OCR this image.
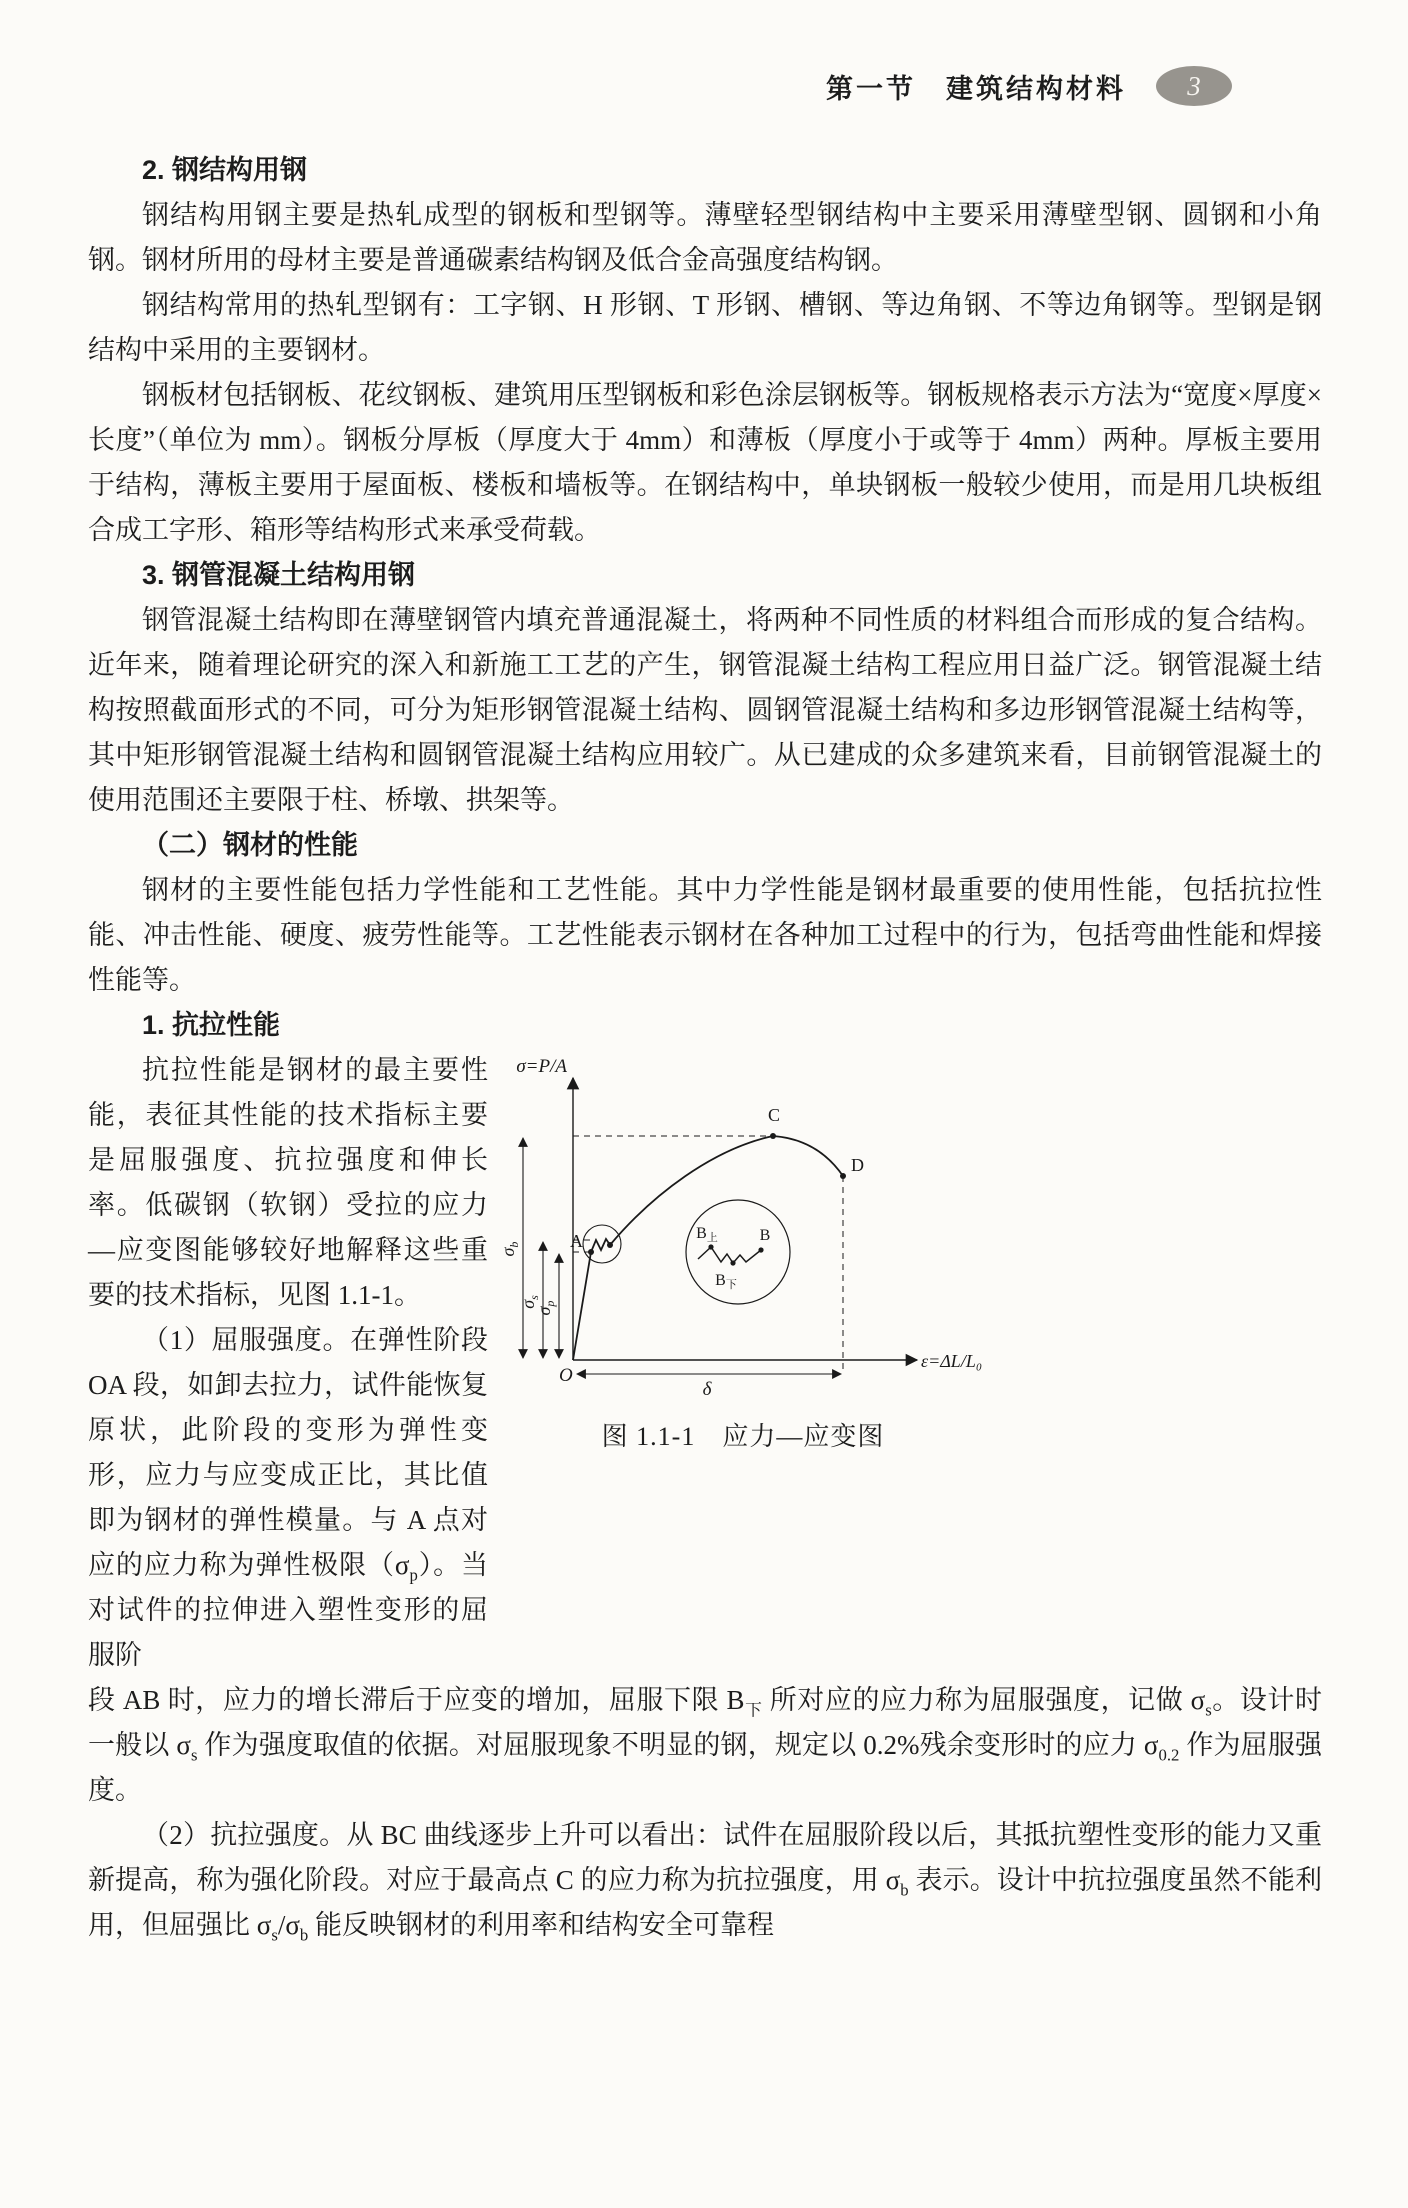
第一节　建筑结构材料 3

2. 钢结构用钢

钢结构用钢主要是热轧成型的钢板和型钢等。薄壁轻型钢结构中主要采用薄壁型钢、圆钢和小角钢。钢材所用的母材主要是普通碳素结构钢及低合金高强度结构钢。

钢结构常用的热轧型钢有：工字钢、H 形钢、T 形钢、槽钢、等边角钢、不等边角钢等。型钢是钢结构中采用的主要钢材。

钢板材包括钢板、花纹钢板、建筑用压型钢板和彩色涂层钢板等。钢板规格表示方法为“宽度×厚度×长度”（单位为 mm）。钢板分厚板（厚度大于 4mm）和薄板（厚度小于或等于 4mm）两种。厚板主要用于结构，薄板主要用于屋面板、楼板和墙板等。在钢结构中，单块钢板一般较少使用，而是用几块板组合成工字形、箱形等结构形式来承受荷载。

3. 钢管混凝土结构用钢

钢管混凝土结构即在薄壁钢管内填充普通混凝土，将两种不同性质的材料组合而形成的复合结构。近年来，随着理论研究的深入和新施工工艺的产生，钢管混凝土结构工程应用日益广泛。钢管混凝土结构按照截面形式的不同，可分为矩形钢管混凝土结构、圆钢管混凝土结构和多边形钢管混凝土结构等，其中矩形钢管混凝土结构和圆钢管混凝土结构应用较广。从已建成的众多建筑来看，目前钢管混凝土的使用范围还主要限于柱、桥墩、拱架等。

（二）钢材的性能

钢材的主要性能包括力学性能和工艺性能。其中力学性能是钢材最重要的使用性能，包括抗拉性能、冲击性能、硬度、疲劳性能等。工艺性能表示钢材在各种加工过程中的行为，包括弯曲性能和焊接性能等。

1. 抗拉性能

抗拉性能是钢材的最主要性能，表征其性能的技术指标主要是屈服强度、抗拉强度和伸长率。低碳钢（软钢）受拉的应力—应变图能够较好地解释这些重要的技术指标，见图 1.1-1。

（1）屈服强度。在弹性阶段 OA 段，如卸去拉力，试件能恢复原状，此阶段的变形为弹性变形，应力与应变成正比，其比值即为钢材的弹性模量。与 A 点对应的应力称为弹性极限$(\sigma_p)$。当对试件的拉伸进入塑性变形的屈服阶

σ=P/A
ε=ΔL/L₀
O
A
C
D
$\sigma_b$
$\sigma_s$
$\sigma_p$
δ
B上	B
B下
图 1.1-1　应力—应变图

段 AB 时，应力的增长滞后于应变的增加，屈服下限 $B_下$ 所对应的应力称为屈服强度，记做 $\sigma_s$。设计时一般以 $\sigma_s$ 作为强度取值的依据。对屈服现象不明显的钢，规定以 0.2%残余变形时的应力 $\sigma_{0.2}$ 作为屈服强度。

（2）抗拉强度。从 BC 曲线逐步上升可以看出：试件在屈服阶段以后，其抵抗塑性变形的能力又重新提高，称为强化阶段。对应于最高点 C 的应力称为抗拉强度，用 $\sigma_b$ 表示。设计中抗拉强度虽然不能利用，但屈强比 $\sigma_s/\sigma_b$ 能反映钢材的利用率和结构安全可靠程
